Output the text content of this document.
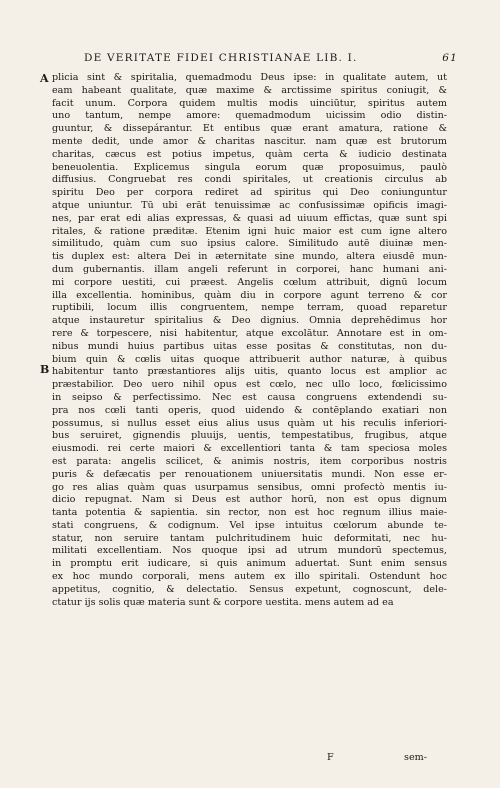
DE VERITATE FIDEI CHRISTIANAE LIB. I.	61
A
B
plicia sint & spiritalia, quemadmodu Deus ipse: in qualitate autem, ut
eam habeant qualitate, quæ maxime & arctissime spiritus coniugit, &
facit unum. Corpora quidem multis modis uinciūtur, spiritus autem
uno tantum, nempe amore: quemadmodum uicissim odio distin-
guuntur, & dissepárantur. Et entibus quæ erant amatura, ratione &
mente dedit, unde amor & charitas nascitur. nam quæ est brutorum
charitas, cæcus est potius impetus, quàm certa & iudicio destinata
beneuolentia. Explicemus singula eorum quæ proposuimus, paulò
diffusius. Congruebat res condi spiritales, ut creationis circulus ab
spiritu Deo per corpora rediret ad spiritus qui Deo coniunguntur
atque uniuntur. Tū ubi erāt tenuissimæ ac confusissimæ opificis imagi-
nes, par erat edi alias expressas, & quasi ad uiuum effictas, quæ sunt spi
ritales, & ratione præditæ. Etenim igni huic maior est cum igne altero
similitudo, quàm cum suo ipsius calore. Similitudo autē diuinæ men-
tis duplex est: altera Dei in æternitate sine mundo, altera eiusdē mun-
dum gubernantis. illam angeli referunt in corporei, hanc humani ani-
mi corpore uestiti, cui præest. Angelis cœlum attribuit, dignū locum
illa excellentia. hominibus, quàm diu in corpore agunt terreno & cor
ruptibili, locum illis congruentem, nempe terram, quoad reparetur
atque instauretur spiritalius & Deo dignius. Omnia deprehēdimus hor
rere & torpescere, nisi habitentur, atque excolātur. Annotare est in om-
nibus mundi huius partibus uitas esse positas & constitutas, non du-
bium quin & cœlis uitas quoque attribuerit author naturæ, à quibus
habitentur tanto præstantiores alijs uitis, quanto locus est amplior ac
præstabilior. Deo uero nihil opus est cœlo, nec ullo loco, fœlicissimo
in seipso & perfectissimo. Nec est causa congruens extendendi su-
pra nos cœli tanti operis, quod uidendo & contēplando exatiari non
possumus, si nullus esset eius alius usus quàm ut his reculis inferiori-
bus seruiret, gignendis pluuijs, uentis, tempestatibus, frugibus, atque
eiusmodi. rei certe maiori & excellentiori tanta & tam speciosa moles
est parata: angelis scilicet, & animis nostris, item corporibus nostris
puris & defæcatis per renouationem uniuersitatis mundi. Non esse er-
go res alias quàm quas usurpamus sensibus, omni profectò mentis iu-
dicio repugnat. Nam si Deus est author horū, non est opus dignum
tanta potentia & sapientia. sin rector, non est hoc regnum illius maie-
stati congruens, & codignum. Vel ipse intuitus cœlorum abunde te-
statur, non seruire tantam pulchritudinem huic deformitati, nec hu-
militati excellentiam. Nos quoque ipsi ad utrum mundorū spectemus,
in promptu erit iudicare, si quis animum aduertat. Sunt enim sensus
ex hoc mundo corporali, mens autem ex illo spiritali. Ostendunt hoc
appetitus, cognitio, & delectatio. Sensus expetunt, cognoscunt, dele-
ctatur ijs solis quæ materia sunt & corpore uestita. mens autem ad ea
F	sem-
